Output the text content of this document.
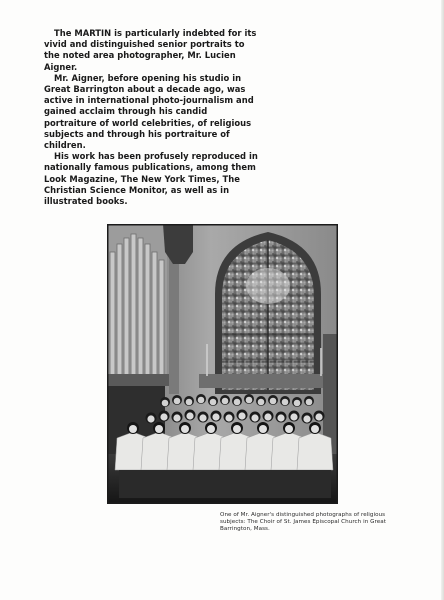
The MARTIN is particularly indebted for its vivid and distinguished senior portraits to the noted area photographer, Mr. Lucien Aigner.

Mr. Aigner, before opening his studio in Great Barrington about a decade ago, was active in international photo-journalism and gained acclaim through his candid portraiture of world celebrities, of religious subjects and through his portraiture of children.

His work has been profusely reproduced in nationally famous publications, among them Look Magazine, The New York Times, The Christian Science Monitor, as well as in illustrated books.

One of Mr. Aigner's distinguished photographs of religious subjects: The Choir of St. James Episcopal Church in Great Barrington, Mass.
